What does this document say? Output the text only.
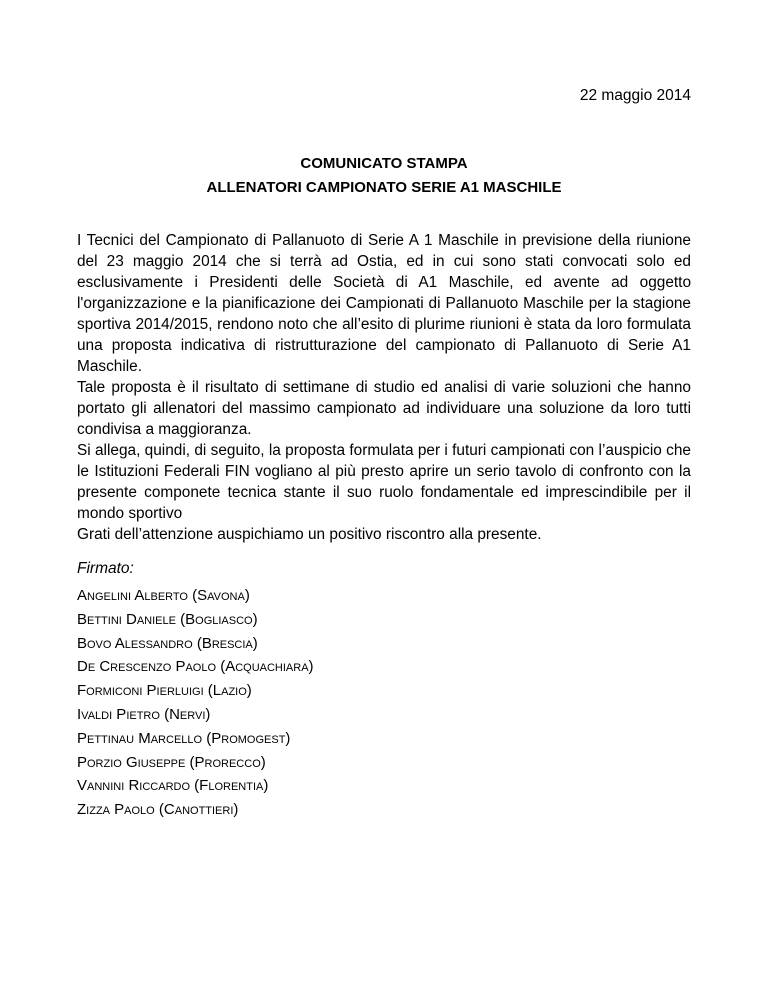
22 maggio 2014
COMUNICATO STAMPA
ALLENATORI CAMPIONATO SERIE A1 MASCHILE

I Tecnici del Campionato di Pallanuoto di Serie A 1 Maschile in previsione della riunione del 23 maggio 2014 che si terrà ad Ostia, ed in cui sono stati convocati solo ed esclusivamente i Presidenti delle Società di A1 Maschile, ed avente ad oggetto l'organizzazione e la pianificazione dei Campionati di Pallanuoto Maschile per la stagione sportiva 2014/2015, rendono noto che all’esito di plurime riunioni è stata da loro formulata una proposta indicativa di ristrutturazione del campionato di Pallanuoto di Serie A1 Maschile.

Tale proposta è il risultato di settimane di studio ed analisi di varie soluzioni che hanno portato gli allenatori del massimo campionato ad individuare una soluzione da loro tutti condivisa a maggioranza.

Si allega, quindi, di seguito, la proposta formulata per i futuri campionati con l’auspicio che le Istituzioni Federali FIN vogliano al più presto aprire un serio tavolo di confronto con la presente componete tecnica stante il suo ruolo fondamentale ed imprescindibile per il mondo sportivo

Grati dell’attenzione auspichiamo un positivo riscontro alla presente.

Firmato:
Angelini Alberto (Savona)
Bettini Daniele (Bogliasco)
Bovo Alessandro (Brescia)
De Crescenzo Paolo (Acquachiara)
Formiconi Pierluigi (Lazio)
Ivaldi Pietro (Nervi)
Pettinau Marcello (Promogest)
Porzio Giuseppe (Prorecco)
Vannini Riccardo (Florentia)
Zizza Paolo (Canottieri)
